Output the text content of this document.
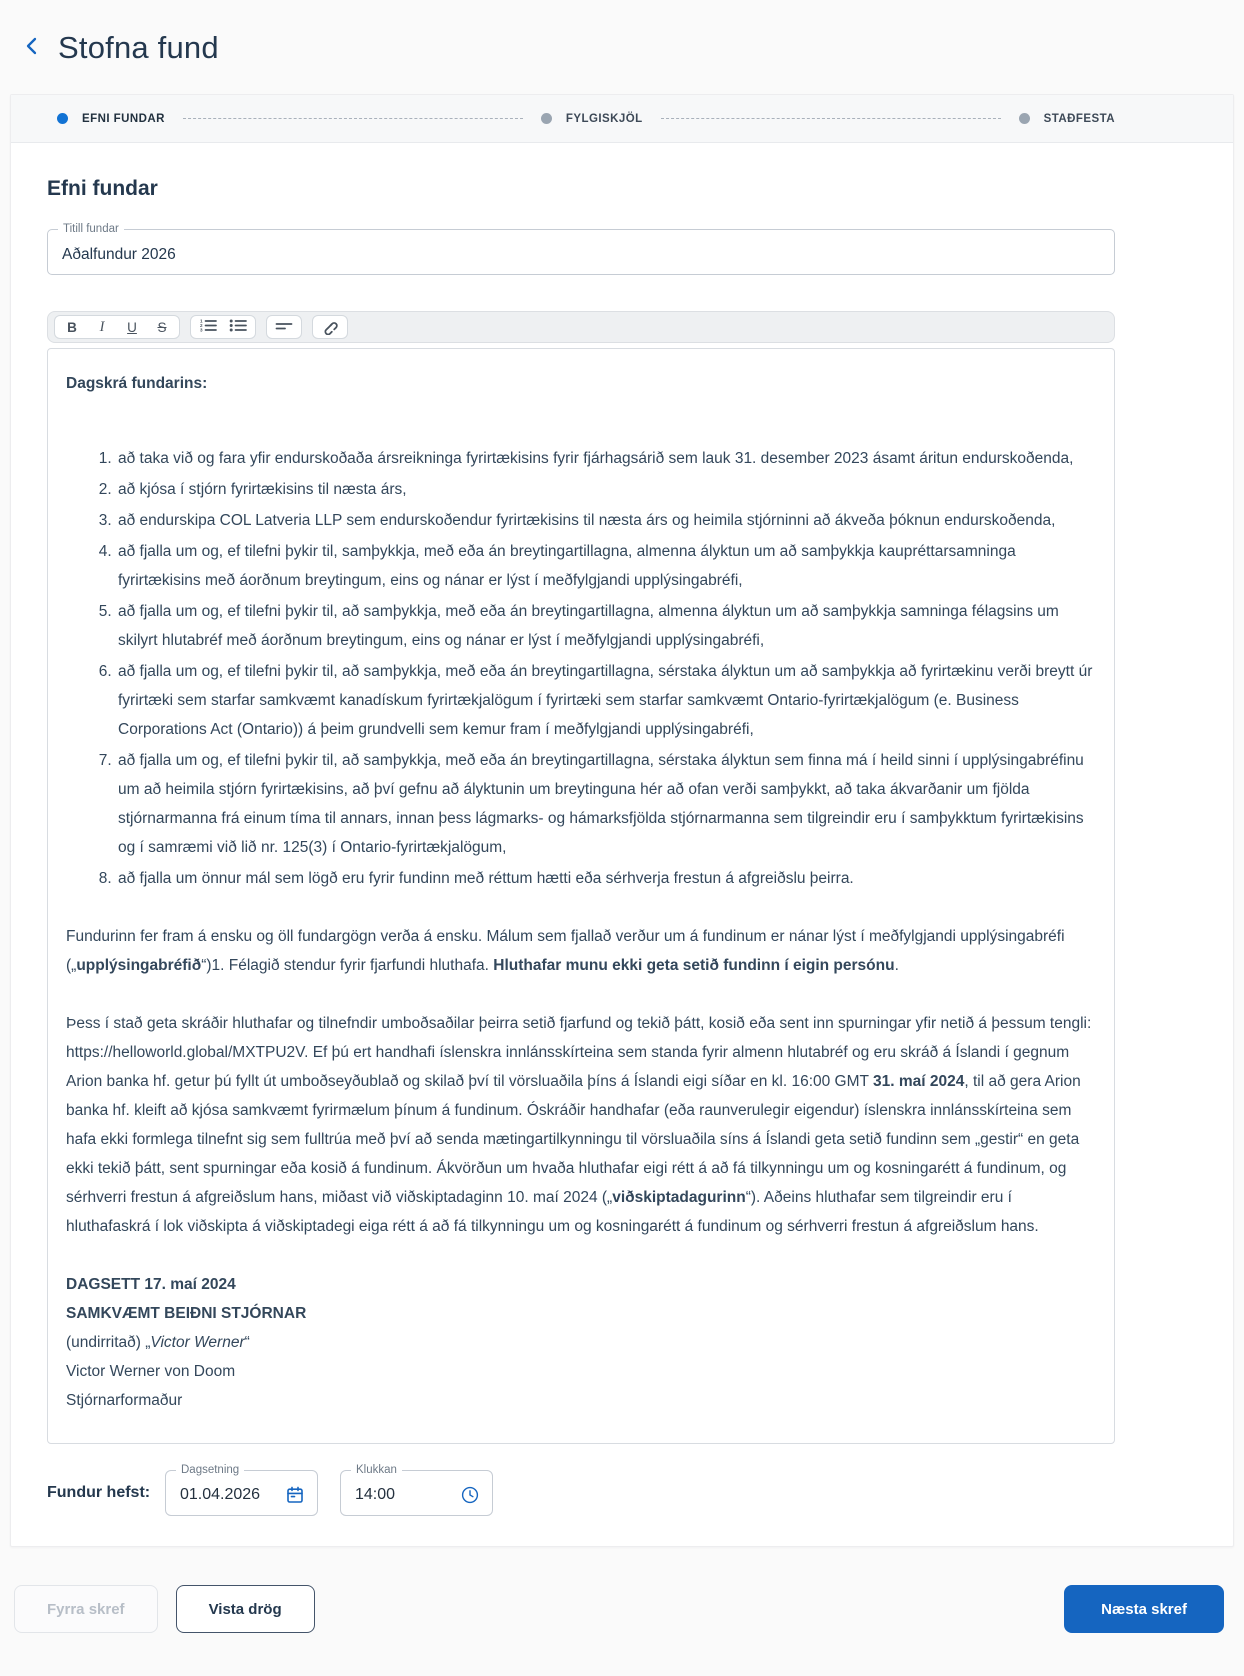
Stofna fund
EFNI FUNDAR	FYLGISKJÖL	STAÐFESTA
Efni fundar
Titill fundar
Aðalfundur 2026
B I U S	1
2
3

Dagskrá fundarins:

1. að taka við og fara yfir endurskoðaða ársreikninga fyrirtækisins fyrir fjárhagsárið sem lauk 31. desember 2023 ásamt áritun endurskoðenda,
2. að kjósa í stjórn fyrirtækisins til næsta árs,
3. að endurskipa COL Latveria LLP sem endurskoðendur fyrirtækisins til næsta árs og heimila stjórninni að ákveða þóknun endurskoðenda,
4. að fjalla um og, ef tilefni þykir til, samþykkja, með eða án breytingartillagna, almenna ályktun um að samþykkja kaupréttarsamninga fyrirtækisins með áorðnum breytingum, eins og nánar er lýst í meðfylgjandi upplýsingabréfi,
5. að fjalla um og, ef tilefni þykir til, að samþykkja, með eða án breytingartillagna, almenna ályktun um að samþykkja samninga félagsins um skilyrt hlutabréf með áorðnum breytingum, eins og nánar er lýst í meðfylgjandi upplýsingabréfi,
6. að fjalla um og, ef tilefni þykir til, að samþykkja, með eða án breytingartillagna, sérstaka ályktun um að samþykkja að fyrirtækinu verði breytt úr fyrirtæki sem starfar samkvæmt kanadískum fyrirtækjalögum í fyrirtæki sem starfar samkvæmt Ontario-fyrirtækjalögum (e. Business Corporations Act (Ontario)) á þeim grundvelli sem kemur fram í meðfylgjandi upplýsingabréfi,
7. að fjalla um og, ef tilefni þykir til, að samþykkja, með eða án breytingartillagna, sérstaka ályktun sem finna má í heild sinni í upplýsingabréfinu um að heimila stjórn fyrirtækisins, að því gefnu að ályktunin um breytinguna hér að ofan verði samþykkt, að taka ákvarðanir um fjölda stjórnarmanna frá einum tíma til annars, innan þess lágmarks- og hámarksfjölda stjórnarmanna sem tilgreindir eru í samþykktum fyrirtækisins og í samræmi við lið nr. 125(3) í Ontario-fyrirtækjalögum,
8. að fjalla um önnur mál sem lögð eru fyrir fundinn með réttum hætti eða sérhverja frestun á afgreiðslu þeirra.

Fundurinn fer fram á ensku og öll fundargögn verða á ensku. Málum sem fjallað verður um á fundinum er nánar lýst í meðfylgjandi upplýsingabréfi („upplýsingabréfið“)1. Félagið stendur fyrir fjarfundi hluthafa. Hluthafar munu ekki geta setið fundinn í eigin persónu.

Þess í stað geta skráðir hluthafar og tilnefndir umboðsaðilar þeirra setið fjarfund og tekið þátt, kosið eða sent inn spurningar yfir netið á þessum tengli: https://helloworld.global/MXTPU2V. Ef þú ert handhafi íslenskra innlánsskírteina sem standa fyrir almenn hlutabréf og eru skráð á Íslandi í gegnum Arion banka hf. getur þú fyllt út umboðseyðublað og skilað því til vörsluaðila þíns á Íslandi eigi síðar en kl. 16:00 GMT 31. maí 2024, til að gera Arion banka hf. kleift að kjósa samkvæmt fyrirmælum þínum á fundinum. Óskráðir handhafar (eða raunverulegir eigendur) íslenskra innlánsskírteina sem hafa ekki formlega tilnefnt sig sem fulltrúa með því að senda mætingartilkynningu til vörsluaðila síns á Íslandi geta setið fundinn sem „gestir“ en geta ekki tekið þátt, sent spurningar eða kosið á fundinum. Ákvörðun um hvaða hluthafar eigi rétt á að fá tilkynningu um og kosningarétt á fundinum, og sérhverri frestun á afgreiðslum hans, miðast við viðskiptadaginn 10. maí 2024 („viðskiptadagurinn“). Aðeins hluthafar sem tilgreindir eru í hluthafaskrá í lok viðskipta á viðskiptadegi eiga rétt á að fá tilkynningu um og kosningarétt á fundinum og sérhverri frestun á afgreiðslum hans.

DAGSETT 17. maí 2024

SAMKVÆMT BEIÐNI STJÓRNAR

(undirritað) „Victor Werner“

Victor Werner von Doom

Stjórnarformaður

Fundur hefst:
Dagsetning
01.04.2026	Klukkan
14:00
Fyrra skref	Vista drög	Næsta skref
